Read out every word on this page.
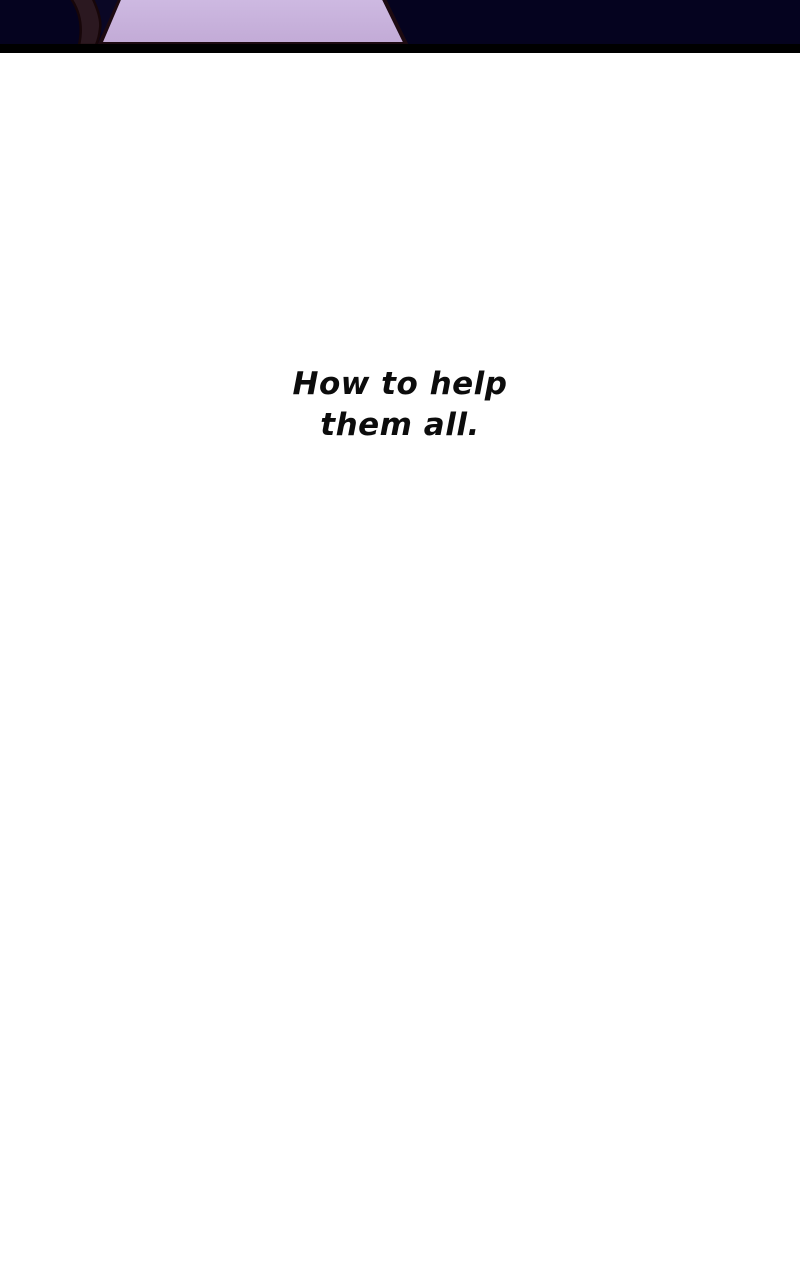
How to help
them all.
